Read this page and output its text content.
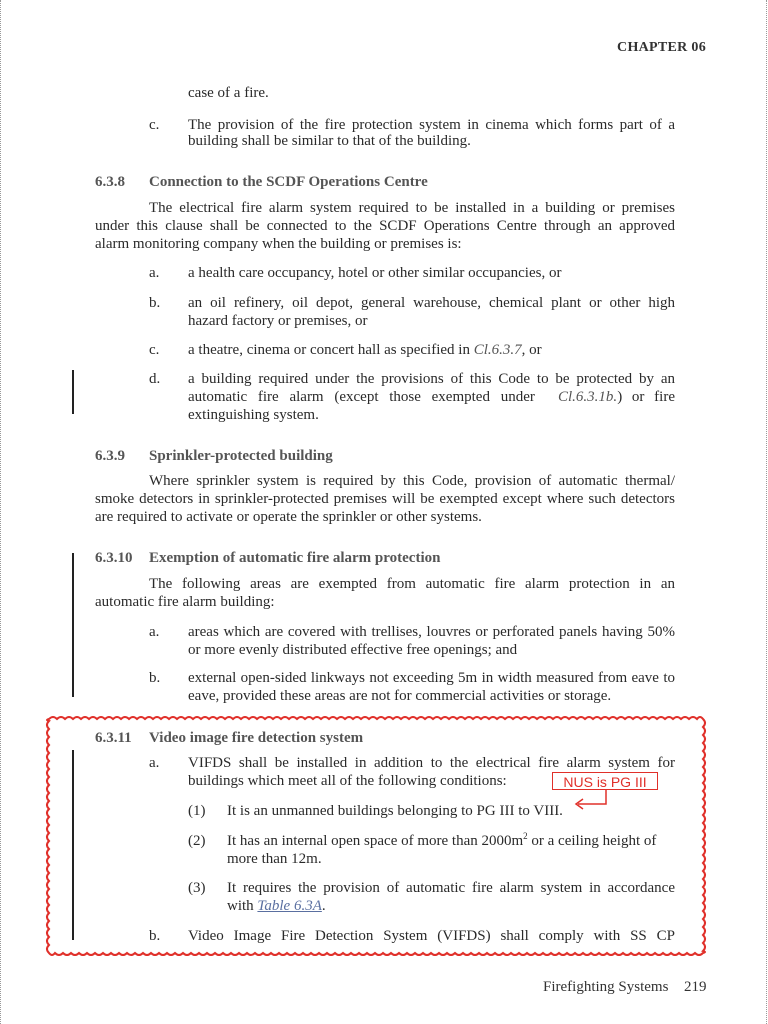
CHAPTER 06
case of a fire.
c. The provision of the fire protection system in cinema which forms part of a
building shall be similar to that of the building.
6.3.8 Connection to the SCDF Operations Centre
The electrical fire alarm system required to be installed in a building or premises
under this clause shall be connected to the SCDF Operations Centre through an approved
alarm monitoring company when the building or premises is:
a. a health care occupancy, hotel or other similar occupancies, or
b. an oil refinery, oil depot, general warehouse, chemical plant or other high
hazard factory or premises, or
c. a theatre, cinema or concert hall as specified in Cl.6.3.7, or
d. a building required under the provisions of this Code to be protected by an
automatic fire alarm (except those exempted under Cl.6.3.1b.) or fire
extinguishing system.
6.3.9 Sprinkler-protected building
Where sprinkler system is required by this Code, provision of automatic thermal/
smoke detectors in sprinkler-protected premises will be exempted except where such detectors
are required to activate or operate the sprinkler or other systems.
6.3.10 Exemption of automatic fire alarm protection
The following areas are exempted from automatic fire alarm protection in an
automatic fire alarm building:
a. areas which are covered with trellises, louvres or perforated panels having 50%
or more evenly distributed effective free openings; and
b. external open-sided linkways not exceeding 5m in width measured from eave to
eave, provided these areas are not for commercial activities or storage.
6.3.11 Video image fire detection system
a. VIFDS shall be installed in addition to the electrical fire alarm system for
buildings which meet all of the following conditions:	NUS is PG III
(1) It is an unmanned buildings belonging to PG III to VIII.
(2) It has an internal open space of more than $2000m^2$ or a ceiling height of
more than 12m.
(3) It requires the provision of automatic fire alarm system in accordance
with Table 6.3A.
b. Video Image Fire Detection System (VIFDS) shall comply with SS CP
Firefighting Systems 219
